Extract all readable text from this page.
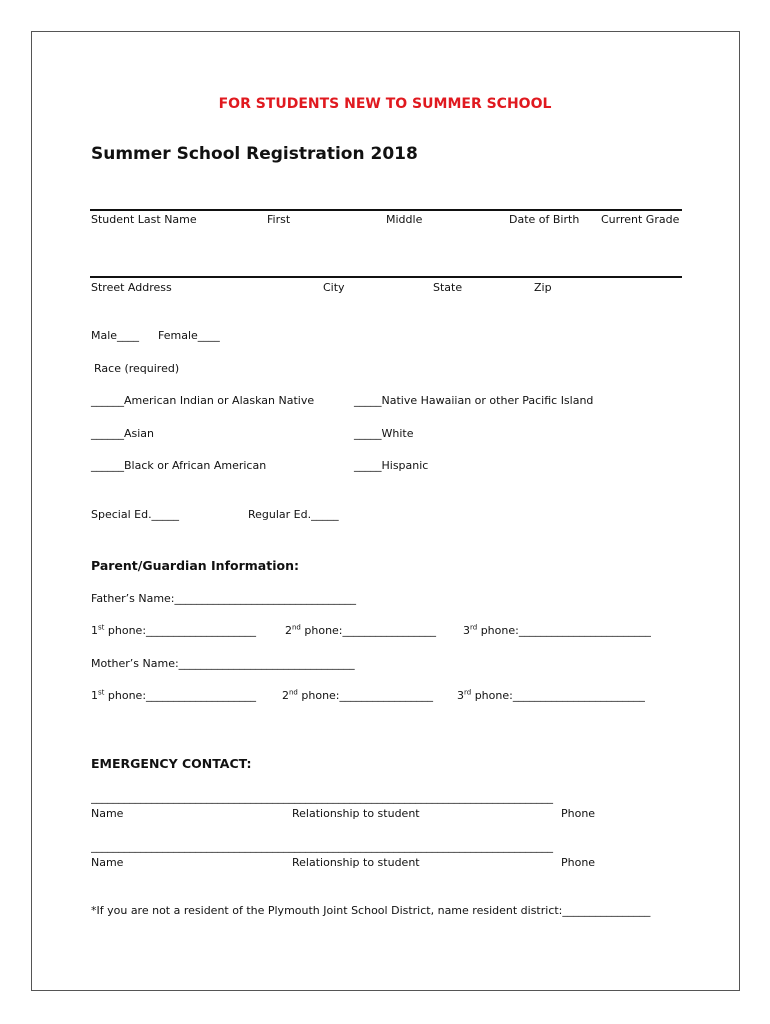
FOR STUDENTS NEW TO SUMMER SCHOOL
Summer School Registration 2018
Student Last Name	First	Middle	Date of Birth Current Grade
Street Address	City	State	Zip
Male____ Female____
Race (required)
______American Indian or Alaskan Native	_____Native Hawaiian or other Pacific Island
______Asian	_____White
______Black or African American	_____Hispanic
Special Ed._____	Regular Ed._____
Parent/Guardian Information:
Father’s Name:_________________________________
1st phone:____________________	2nd phone:_________________ 3rd phone:________________________
Mother’s Name:________________________________
1st phone:____________________ 2nd phone:_________________ 3rd phone:________________________
EMERGENCY CONTACT:
____________________________________________________________________________________
Name	Relationship to student	Phone
____________________________________________________________________________________
Name	Relationship to student	Phone
*If you are not a resident of the Plymouth Joint School District, name resident district:________________
